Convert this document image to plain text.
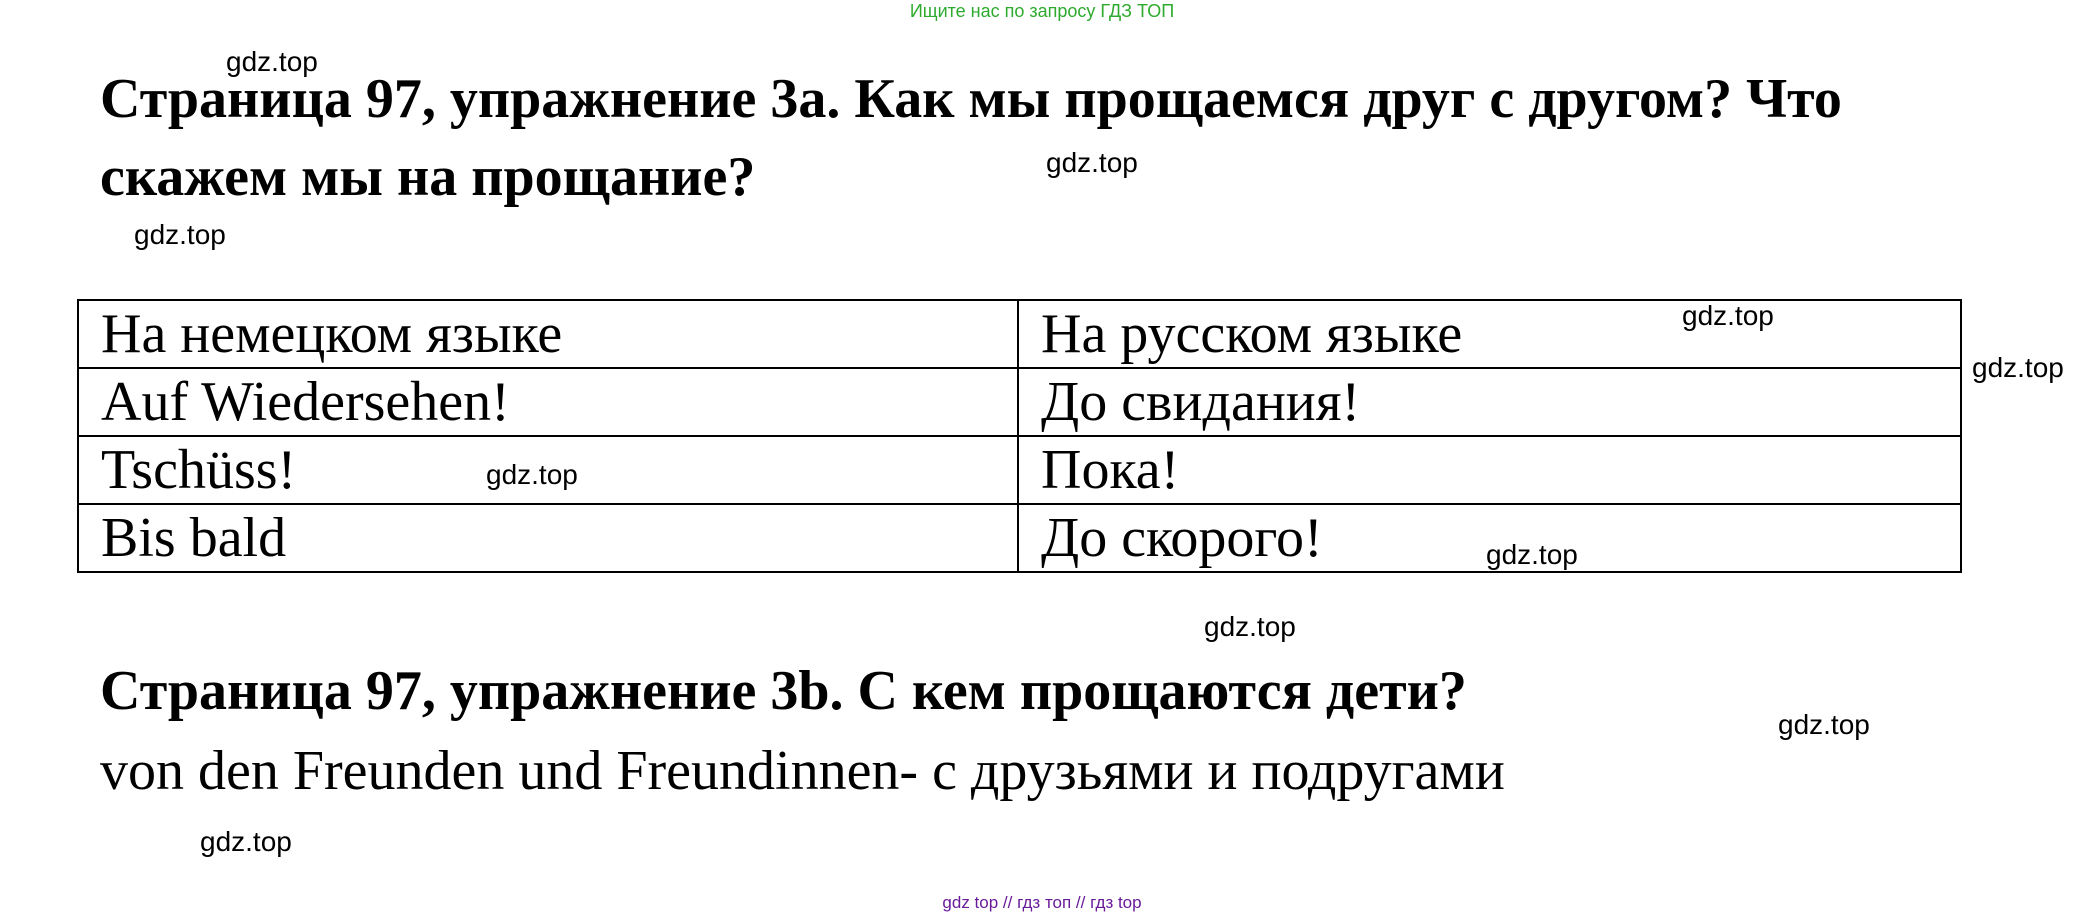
Ищите нас по запросу ГДЗ ТОП
Страница 97, упражнение 3а. Как мы прощаемся друг с другом? Что скажем мы на прощание?
На немецком языке	На русском языке
Auf Wiedersehen!	До свидания!
Tschüss!	Пока!
Bis bald	До скорого!
Страница 97, упражнение 3b. С кем прощаются дети?
von den Freunden und Freundinnen- с друзьями и подругами
gdz.top
gdz.top
gdz.top
gdz.top
gdz.top
gdz.top
gdz.top
gdz.top
gdz.top
gdz.top
gdz top // гдз топ // гдз top
